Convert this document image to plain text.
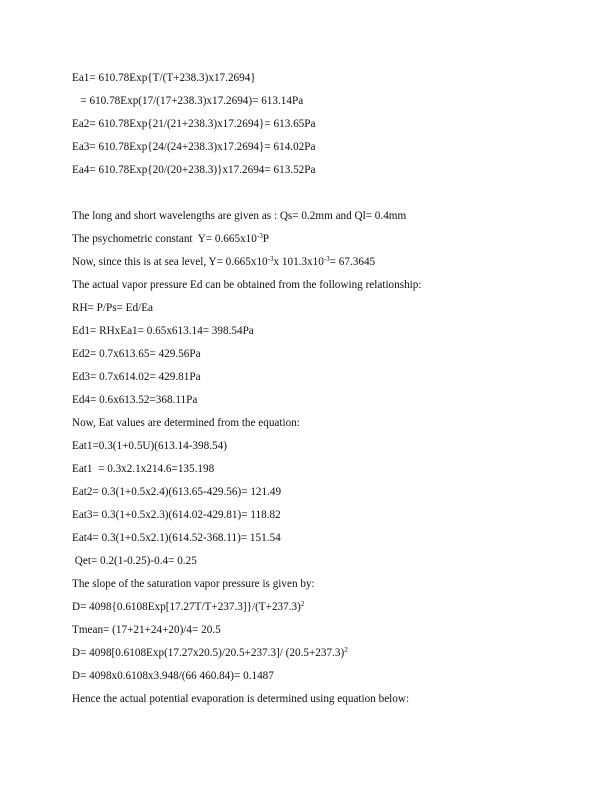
Ea1= 610.78Exp{T/(T+238.3)x17.2694}
= 610.78Exp(17/(17+238.3)x17.2694)= 613.14Pa
Ea2= 610.78Exp{21/(21+238.3)x17.2694}= 613.65Pa
Ea3= 610.78Exp{24/(24+238.3)x17.2694}= 614.02Pa
Ea4= 610.78Exp{20/(20+238.3)}x17.2694= 613.52Pa
The long and short wavelengths are given as : Qs= 0.2mm and Ql= 0.4mm
The psychometric constant  $Y= 0.665x10^{-3}P$
Now, since this is at sea level, $Y= 0.665x10^{-3}x$ $101.3x10^{-3}= 67.3645$
The actual vapor pressure Ed can be obtained from the following relationship:
RH= P/Ps= Ed/Ea
Ed1= RHxEa1= 0.65x613.14= 398.54Pa
Ed2= 0.7x613.65= 429.56Pa
Ed3= 0.7x614.02= 429.81Pa
Ed4= 0.6x613.52=368.11Pa
Now, Eat values are determined from the equation:
Eat1=0.3(1+0.5U)(613.14-398.54)
Eat1  = 0.3x2.1x214.6=135.198
Eat2= 0.3(1+0.5x2.4)(613.65-429.56)= 121.49
Eat3= 0.3(1+0.5x2.3)(614.02-429.81)= 118.82
Eat4= 0.3(1+0.5x2.1)(614.52-368.11)= 151.54
Qet= 0.2(1-0.25)-0.4= 0.25
The slope of the saturation vapor pressure is given by:
$D= 4098\{0.6108Exp[17.27T/T+237.3]\}/(T+237.3)^2$
Tmean= (17+21+24+20)/4= 20.5
D= 4098[0.6108Exp(17.27x20.5)/20.5+237.3]/ $(20.5+237.3)^2$
D= 4098x0.6108x3.948/(66 460.84)= 0.1487
Hence the actual potential evaporation is determined using equation below:
